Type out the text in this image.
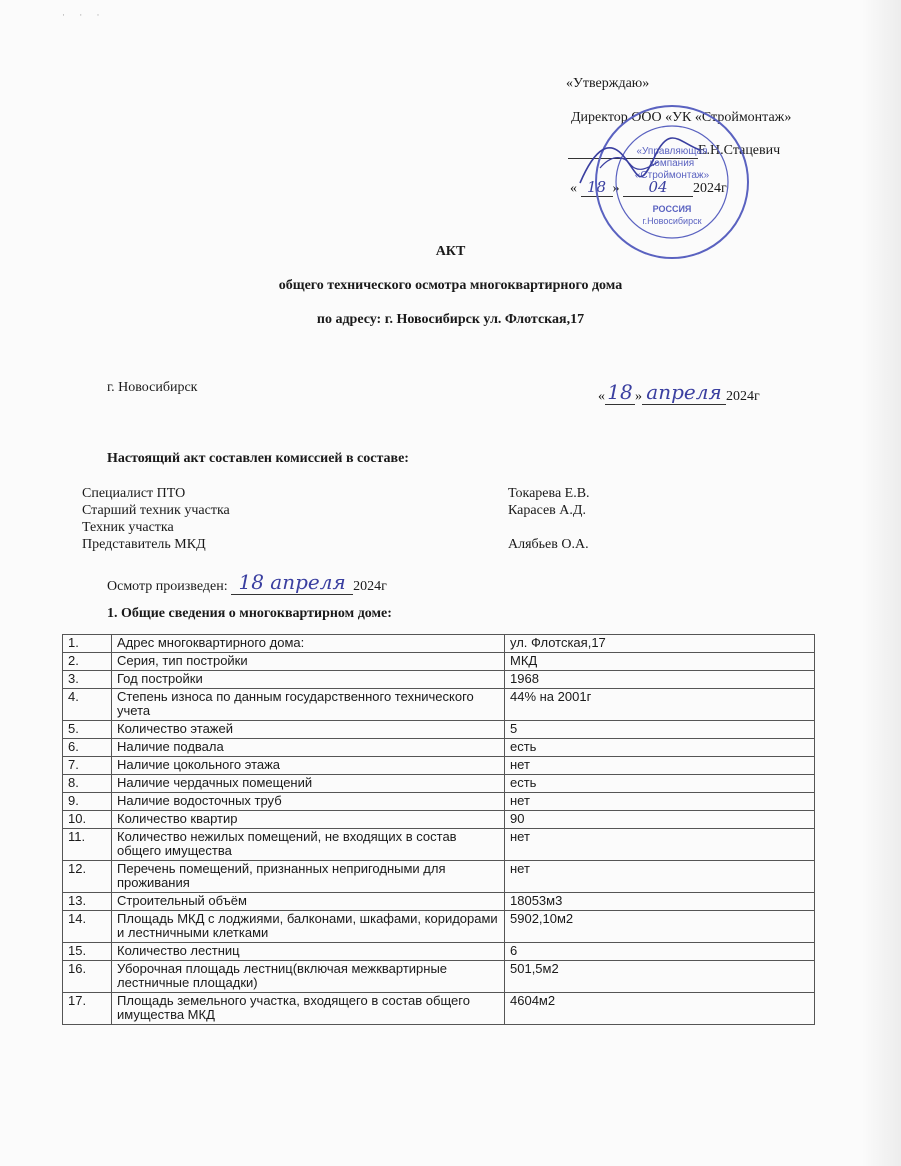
· · ·
«Утверждаю»
Директор ООО «УК «Строймонтаж»
Е.Н.Стацевич
« 18 » 04 2024г
«Управляющая
компания
«Строймонтаж»
РОССИЯ
г.Новосибирск
АКТ
общего технического осмотра многоквартирного дома
по адресу: г. Новосибирск ул. Флотская,17
г. Новосибирск
« 18 » апреля 2024г
Настоящий акт составлен комиссией в составе:
Специалист ПТО	Токарева Е.В.
Старший техник участка	Карасев А.Д.
Техник участка
Представитель МКД	Алябьев О.А.
Осмотр произведен: 18 апреля 2024г
1. Общие сведения о многоквартирном доме:
1.	Адрес многоквартирного дома:	ул. Флотская,17
2.	Серия, тип постройки	МКД
3.	Год постройки	1968
4.	Степень износа по данным государственного технического учета	44% на 2001г
5.	Количество этажей	5
6.	Наличие подвала	есть
7.	Наличие цокольного этажа	нет
8.	Наличие чердачных помещений	есть
9.	Наличие водосточных труб	нет
10.	Количество квартир	90
11.	Количество нежилых помещений, не входящих в состав общего имущества	нет
12.	Перечень помещений, признанных непригодными для проживания	нет
13.	Строительный объём	18053м3
14.	Площадь МКД с лоджиями, балконами, шкафами, коридорами и лестничными клетками	5902,10м2
15.	Количество лестниц	6
16.	Уборочная площадь лестниц(включая межквартирные лестничные площадки)	501,5м2
17.	Площадь земельного участка, входящего в состав общего имущества МКД	4604м2
